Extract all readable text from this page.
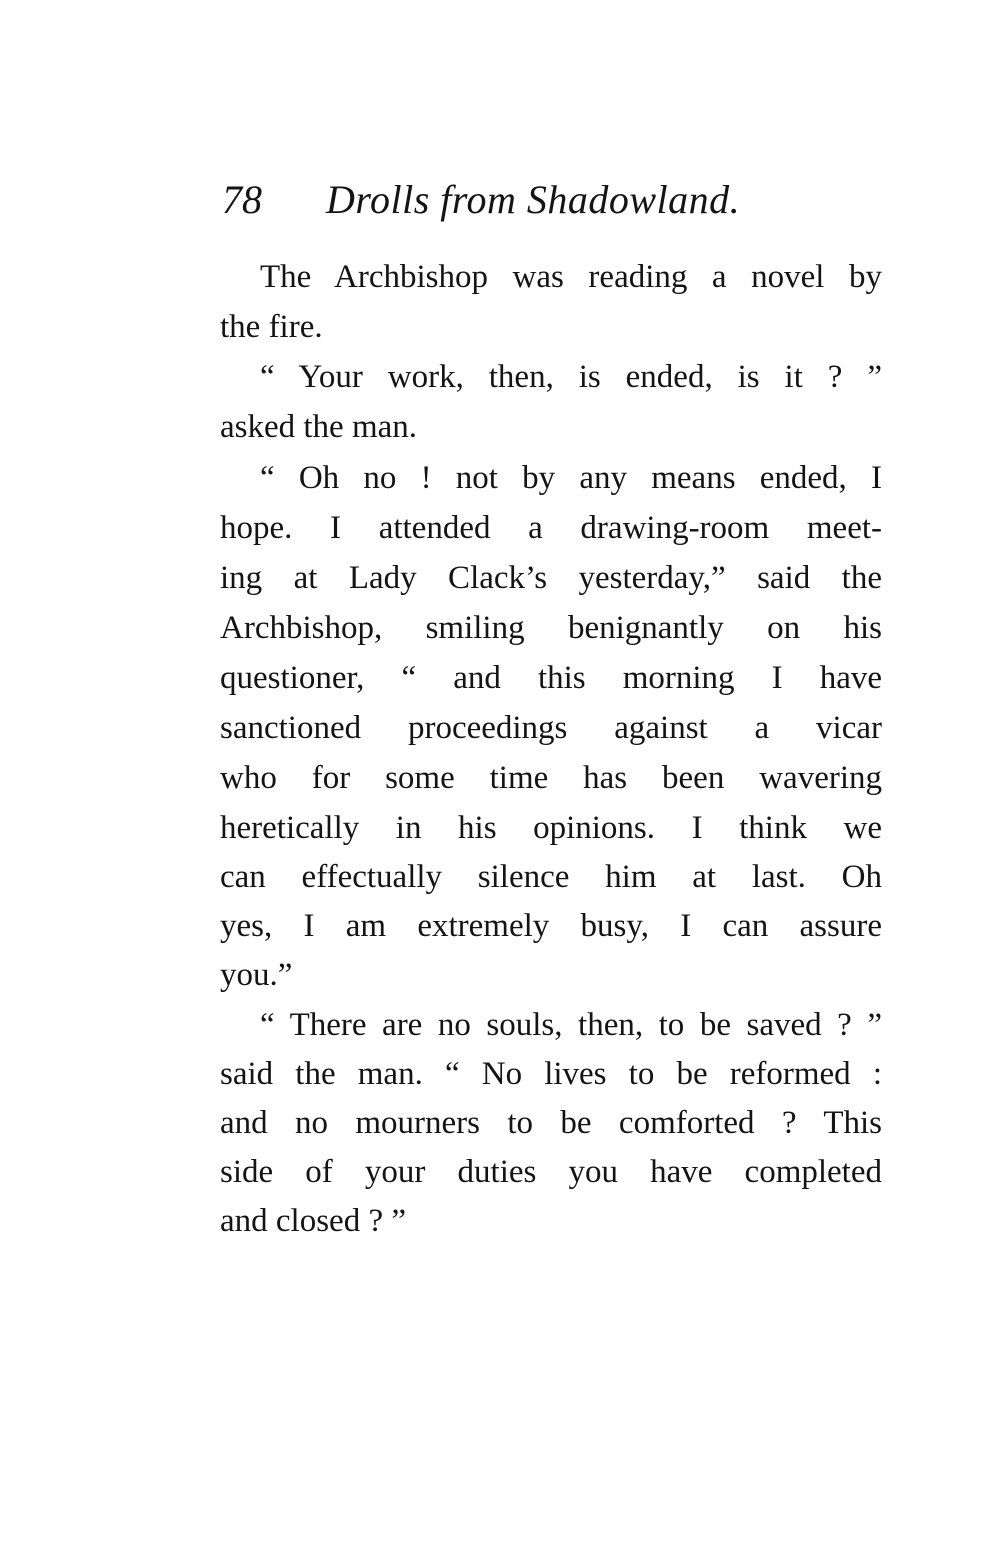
78 Drolls from Shadowland.
The Archbishop was reading a novel by
the fire.
“ Your work, then, is ended, is it ? ”
asked the man.
“ Oh no ! not by any means ended, I
hope. I attended a drawing-room meet-
ing at Lady Clack’s yesterday,” said the
Archbishop, smiling benignantly on his
questioner, “ and this morning I have
sanctioned proceedings against a vicar
who for some time has been wavering
heretically in his opinions. I think we
can effectually silence him at last. Oh
yes, I am extremely busy, I can assure
you.”
“ There are no souls, then, to be saved ? ”
said the man. “ No lives to be reformed :
and no mourners to be comforted ? This
side of your duties you have completed
and closed ? ”
